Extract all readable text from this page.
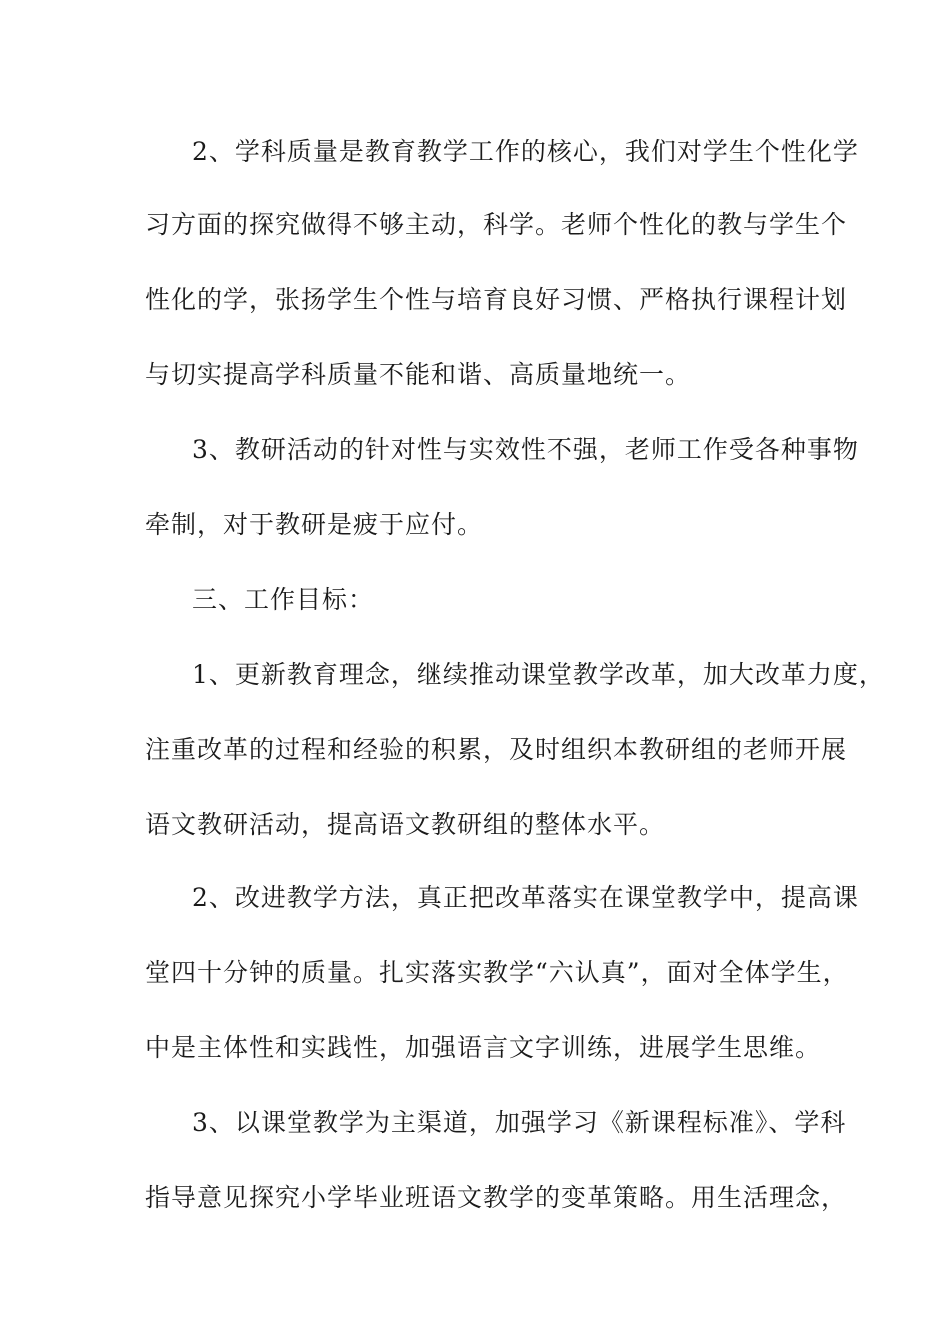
2、学科质量是教育教学工作的核心，我们对学生个性化学
习方面的探究做得不够主动，科学。老师个性化的教与学生个
性化的学，张扬学生个性与培育良好习惯、严格执行课程计划
与切实提高学科质量不能和谐、高质量地统一。
3、教研活动的针对性与实效性不强，老师工作受各种事物
牵制，对于教研是疲于应付。
三、工作目标：
1、更新教育理念，继续推动课堂教学改革，加大改革力度，
注重改革的过程和经验的积累，及时组织本教研组的老师开展
语文教研活动，提高语文教研组的整体水平。
2、改进教学方法，真正把改革落实在课堂教学中，提高课
堂四十分钟的质量。扎实落实教学“六认真”，面对全体学生，
中是主体性和实践性，加强语言文字训练，进展学生思维。
3、以课堂教学为主渠道，加强学习《新课程标准》、学科
指导意见探究小学毕业班语文教学的变革策略。用生活理念，
